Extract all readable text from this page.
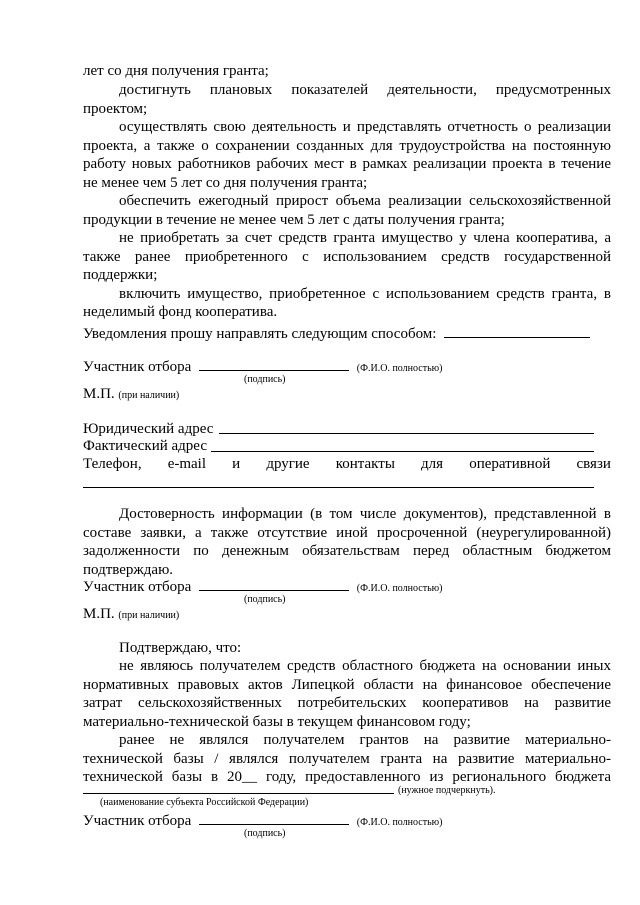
лет со дня получения гранта;
достигнуть плановых показателей деятельности, предусмотренных
проектом;
осуществлять свою деятельность и представлять отчетность о реализации
проекта, а также о сохранении созданных для трудоустройства на постоянную
работу новых работников рабочих мест в рамках реализации проекта в течение
не менее чем 5 лет со дня получения гранта;
обеспечить ежегодный прирост объема реализации сельскохозяйственной
продукции в течение не менее чем 5 лет с даты получения гранта;
не приобретать за счет средств гранта имущество у члена кооператива, а
также ранее приобретенного с использованием средств государственной
поддержки;
включить имущество, приобретенное с использованием средств гранта, в
неделимый фонд кооператива.
Уведомления прошу направлять следующим способом:
Участник отбора	(Ф.И.О. полностью)
(подпись)
М.П. (при наличии)
Юридический адрес
Фактический адрес
Телефон, e-mail и другие контакты для оперативной связи
Достоверность информации (в том числе документов), представленной в
составе заявки, а также отсутствие иной просроченной (неурегулированной)
задолженности по денежным обязательствам перед областным бюджетом
подтверждаю.
Участник отбора	(Ф.И.О. полностью)
(подпись)
М.П. (при наличии)
Подтверждаю, что:
не являюсь получателем средств областного бюджета на основании иных
нормативных правовых актов Липецкой области на финансовое обеспечение
затрат сельскохозяйственных потребительских кооперативов на развитие
материально-технической базы в текущем финансовом году;
ранее не являлся получателем грантов на развитие материально-
технической базы / являлся получателем гранта на развитие материально-
технической базы в 20__ году, предоставленного из регионального бюджета
(нужное подчеркнуть).
(наименование субъекта Российской Федерации)
Участник отбора	(Ф.И.О. полностью)
(подпись)
